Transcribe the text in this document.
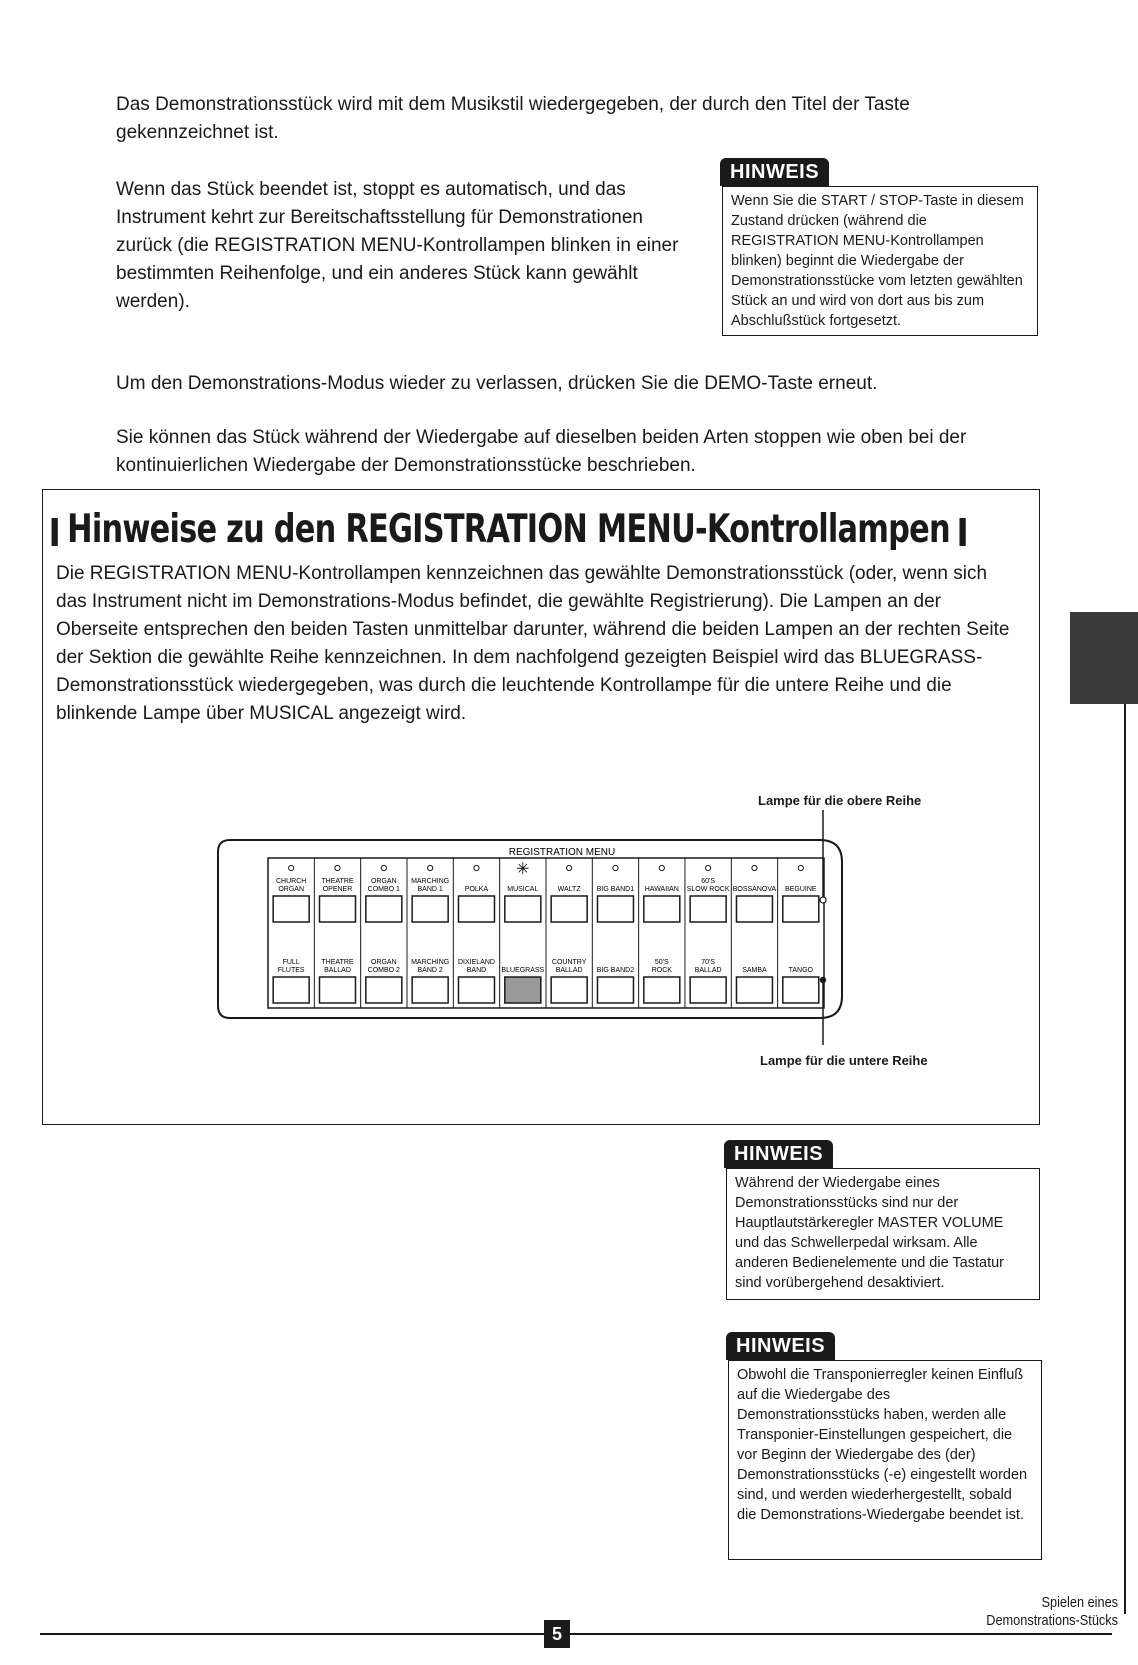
Das Demonstrationsstück wird mit dem Musikstil wiedergegeben, der durch den Titel der Taste gekennzeichnet ist.

Wenn das Stück beendet ist, stoppt es automatisch, und das Instrument kehrt zur Bereitschaftsstellung für Demonstrationen zurück (die REGISTRATION MENU-Kontrollampen blinken in einer bestimmten Reihenfolge, und ein anderes Stück kann gewählt werden).

HINWEIS
Wenn Sie die START / STOP-Taste in diesem Zustand drücken (während die REGISTRATION MENU-Kontrollampen blinken) beginnt die Wiedergabe der Demonstrationsstücke vom letzten gewählten Stück an und wird von dort aus bis zum Abschlußstück fortgesetzt.

Um den Demonstrations-Modus wieder zu verlassen, drücken Sie die DEMO-Taste erneut.

Sie können das Stück während der Wiedergabe auf dieselben beiden Arten stoppen wie oben bei der kontinuierlichen Wiedergabe der Demonstrationsstücke beschrieben.

Hinweise zu den REGISTRATION MENU-Kontrollampen

Die REGISTRATION MENU-Kontrollampen kennzeichnen das gewählte Demonstrationsstück (oder, wenn sich das Instrument nicht im Demonstrations-Modus befindet, die gewählte Registrierung). Die Lampen an der Oberseite entsprechen den beiden Tasten unmittelbar darunter, während die beiden Lampen an der rechten Seite der Sektion die gewählte Reihe kennzeichnen. In dem nachfolgend gezeigten Beispiel wird das BLUEGRASS-Demonstrationsstück wiedergegeben, was durch die leuchtende Kontrollampe für die untere Reihe und die blinkende Lampe über MUSICAL angezeigt wird.

Lampe für die obere Reihe
Lampe für die untere Reihe
REGISTRATION MENU
CHURCH
ORGAN
FULL
FLUTES
THEATRE
OPENER
THEATRE
BALLAD
ORGAN
COMBO 1
ORGAN
COMBO 2
MARCHING
BAND 1
MARCHING
BAND 2
POLKA
DIXIELAND
BAND
✳
MUSICAL
BLUEGRASS
WALTZ
COUNTRY
BALLAD
BIG BAND1
BIG BAND2
HAWAIIAN
50'S
ROCK
60'S
SLOW ROCK
70'S
BALLAD
BOSSANOVA
SAMBA
BEGUINE
TANGO
HINWEIS
Während der Wiedergabe eines Demonstrationsstücks sind nur der Hauptlautstärkeregler MASTER VOLUME und das Schwellerpedal wirksam. Alle anderen Bedienelemente und die Tastatur sind vorübergehend desaktiviert.
HINWEIS
Obwohl die Transponierregler keinen Einfluß auf die Wiedergabe des Demonstrationsstücks haben, werden alle Transponier-Einstellungen gespeichert, die vor Beginn der Wiedergabe des (der) Demonstrationsstücks (-e) eingestellt worden sind, und werden wiederhergestellt, sobald die Demonstrations-Wiedergabe beendet ist.
Spielen eines
Demonstrations-Stücks
5
